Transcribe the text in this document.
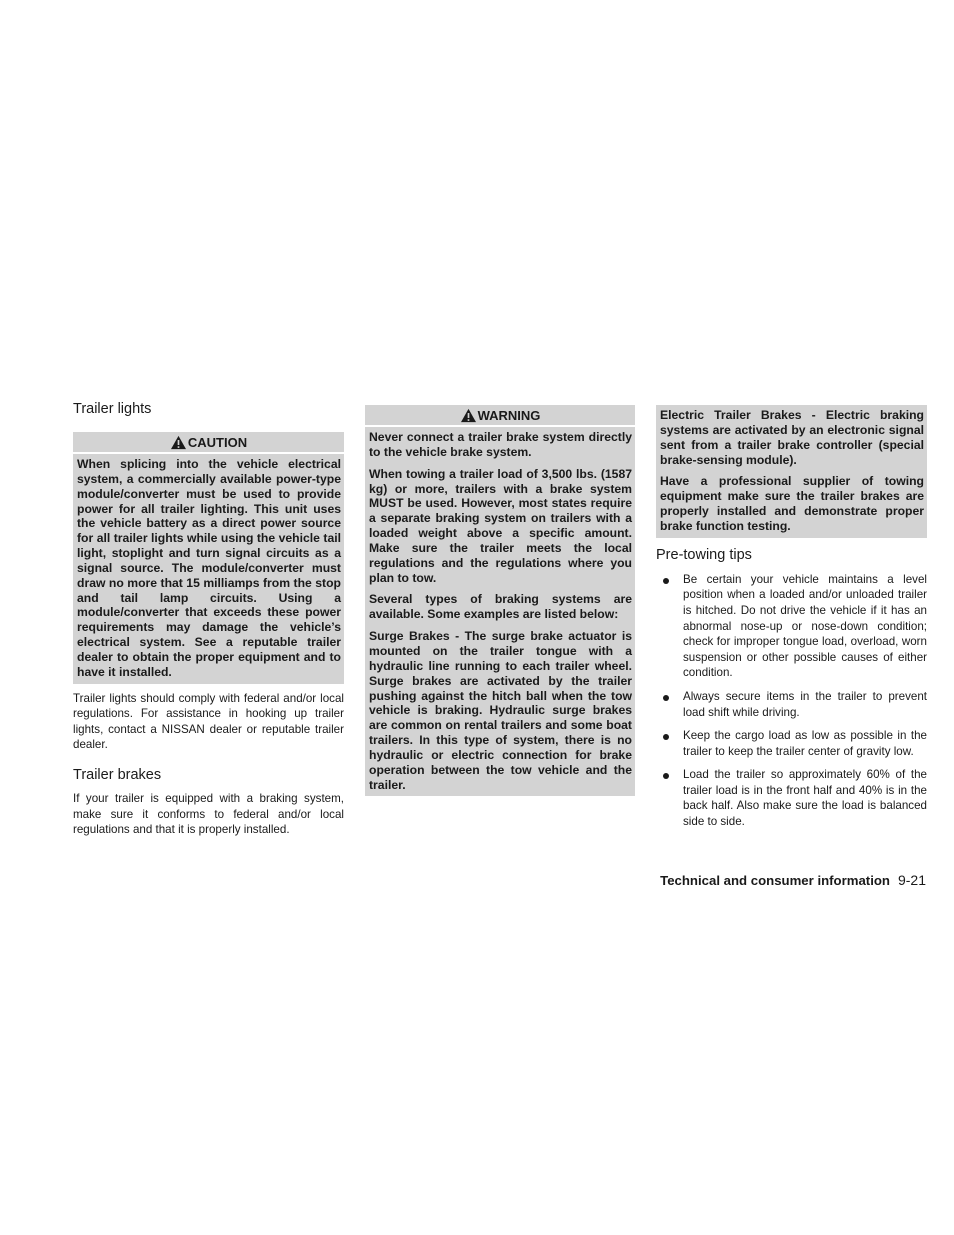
Trailer lights
CAUTION

When splicing into the vehicle electrical system, a commercially available power-type module/converter must be used to provide power for all trailer lighting. This unit uses the vehicle battery as a direct power source for all trailer lights while using the vehicle tail light, stoplight and turn signal circuits as a signal source. The module/converter must draw no more that 15 milliamps from the stop and tail lamp circuits. Using a module/converter that exceeds these power requirements may damage the vehicle’s electrical system. See a reputable trailer dealer to obtain the proper equipment and to have it installed.

Trailer lights should comply with federal and/or local regulations. For assistance in hooking up trailer lights, contact a NISSAN dealer or reputable trailer dealer.

Trailer brakes

If your trailer is equipped with a braking system, make sure it conforms to federal and/or local regulations and that it is properly installed.

WARNING

Never connect a trailer brake system directly to the vehicle brake system.

When towing a trailer load of 3,500 lbs. (1587 kg) or more, trailers with a brake system MUST be used. However, most states require a separate braking system on trailers with a loaded weight above a specific amount. Make sure the trailer meets the local regulations and the regulations where you plan to tow.

Several types of braking systems are available. Some examples are listed below:

Surge Brakes - The surge brake actuator is mounted on the trailer tongue with a hydraulic line running to each trailer wheel. Surge brakes are activated by the trailer pushing against the hitch ball when the tow vehicle is braking. Hydraulic surge brakes are common on rental trailers and some boat trailers. In this type of system, there is no hydraulic or electric connection for brake operation between the tow vehicle and the trailer.

Electric Trailer Brakes - Electric braking systems are activated by an electronic signal sent from a trailer brake controller (special brake-sensing module).

Have a professional supplier of towing equipment make sure the trailer brakes are properly installed and demonstrate proper brake function testing.

Pre-towing tips

Be certain your vehicle maintains a level position when a loaded and/or unloaded trailer is hitched. Do not drive the vehicle if it has an abnormal nose-up or nose-down condition; check for improper tongue load, overload, worn suspension or other possible causes of either condition.

Always secure items in the trailer to prevent load shift while driving.

Keep the cargo load as low as possible in the trailer to keep the trailer center of gravity low.

Load the trailer so approximately 60% of the trailer load is in the front half and 40% is in the back half. Also make sure the load is balanced side to side.

Technical and consumer information 9-21
